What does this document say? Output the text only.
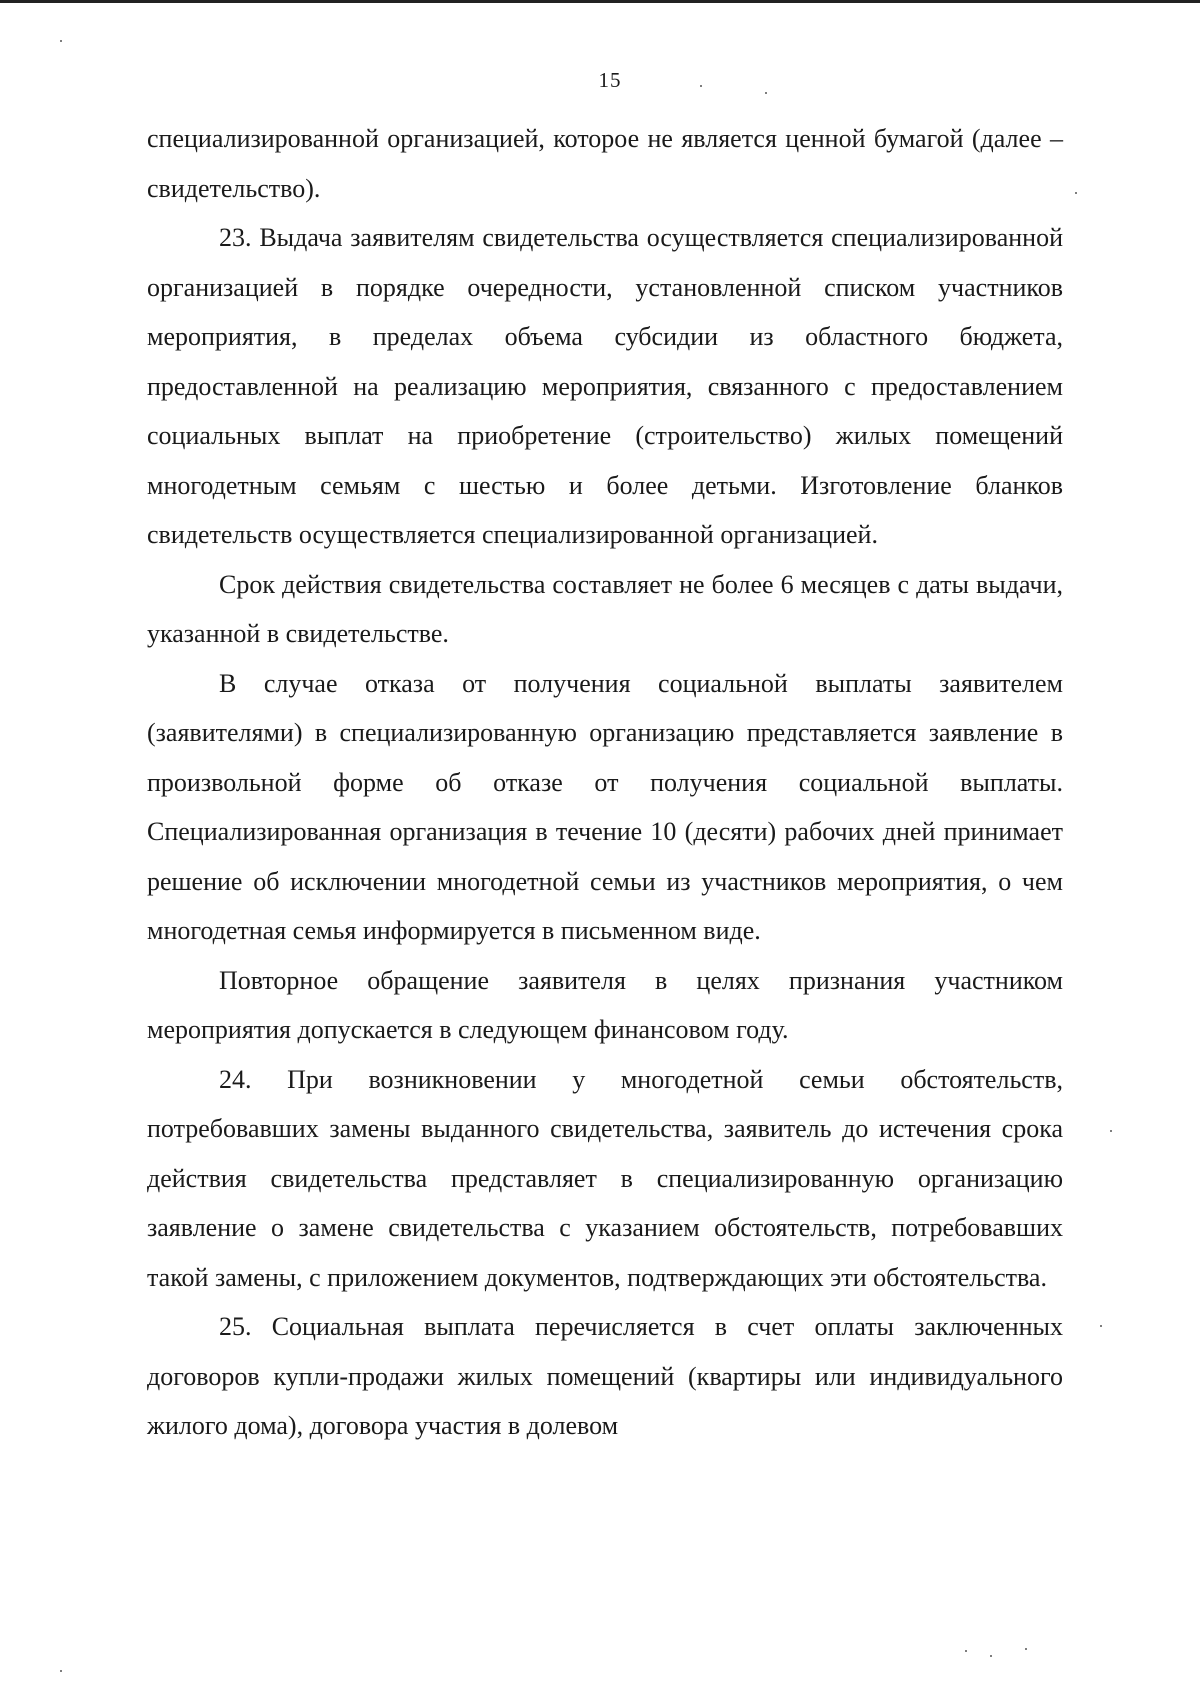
15

специализированной организацией, которое не является ценной бумагой (далее – свидетельство).

23. Выдача заявителям свидетельства осуществляется специализированной организацией в порядке очередности, установленной списком участников мероприятия, в пределах объема субсидии из областного бюджета, предоставленной на реализацию мероприятия, связанного с предоставлением социальных выплат на приобретение (строительство) жилых помещений многодетным семьям с шестью и более детьми. Изготовление бланков свидетельств осуществляется специализированной организацией.

Срок действия свидетельства составляет не более 6 месяцев с даты выдачи, указанной в свидетельстве.

В случае отказа от получения социальной выплаты заявителем (заявителями) в специализированную организацию представляется заявление в произвольной форме об отказе от получения социальной выплаты. Специализированная организация в течение 10 (десяти) рабочих дней принимает решение об исключении многодетной семьи из участников мероприятия, о чем многодетная семья информируется в письменном виде.

Повторное обращение заявителя в целях признания участником мероприятия допускается в следующем финансовом году.

24. При возникновении у многодетной семьи обстоятельств, потребовавших замены выданного свидетельства, заявитель до истечения срока действия свидетельства представляет в специализированную организацию заявление о замене свидетельства с указанием обстоятельств, потребовавших такой замены, с приложением документов, подтверждающих эти обстоятельства.

25. Социальная выплата перечисляется в счет оплаты заключенных договоров купли-продажи жилых помещений (квартиры или индивидуального жилого дома), договора участия в долевом
